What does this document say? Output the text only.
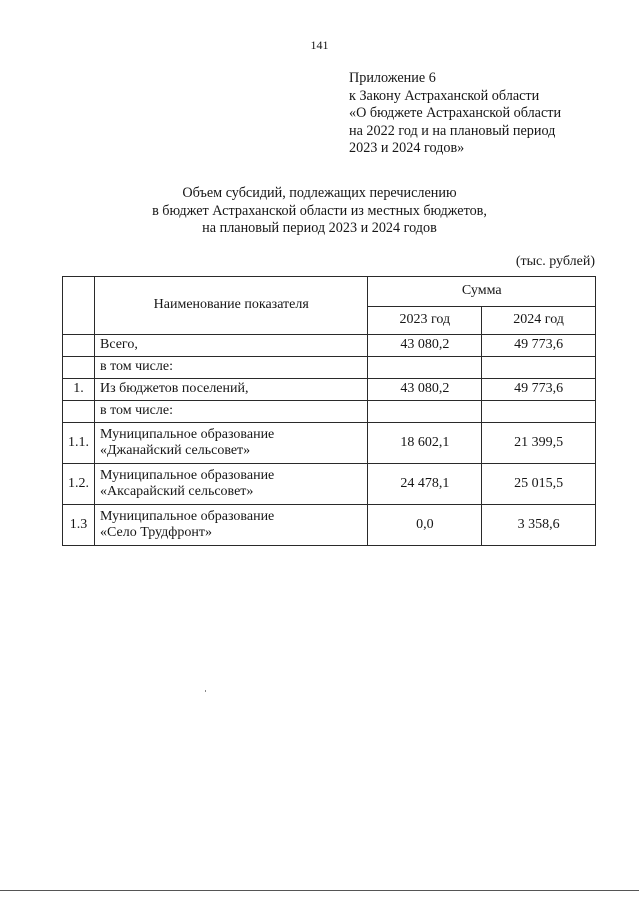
141
Приложение 6
к Закону Астраханской области
«О бюджете Астраханской области
на 2022 год и на плановый период
2023 и 2024 годов»
Объем субсидий, подлежащих перечислению
в бюджет Астраханской области из местных бюджетов,
на плановый период 2023 и 2024 годов
(тыс. рублей)
	Наименование показателя	Сумма	
		2023 год	2024 год

	Всего,	43 080,2	49 773,6

	в том числе:		

1.	Из бюджетов поселений,	43 080,2	49 773,6

	в том числе:		

1.1.	Муниципальное образование
«Джанайский сельсовет»	18 602,1	21 399,5
1.2.	Муниципальное образование
«Аксарайский сельсовет»	24 478,1	25 015,5
1.3	Муниципальное образование
«Село Трудфронт»	0,0	3 358,6
